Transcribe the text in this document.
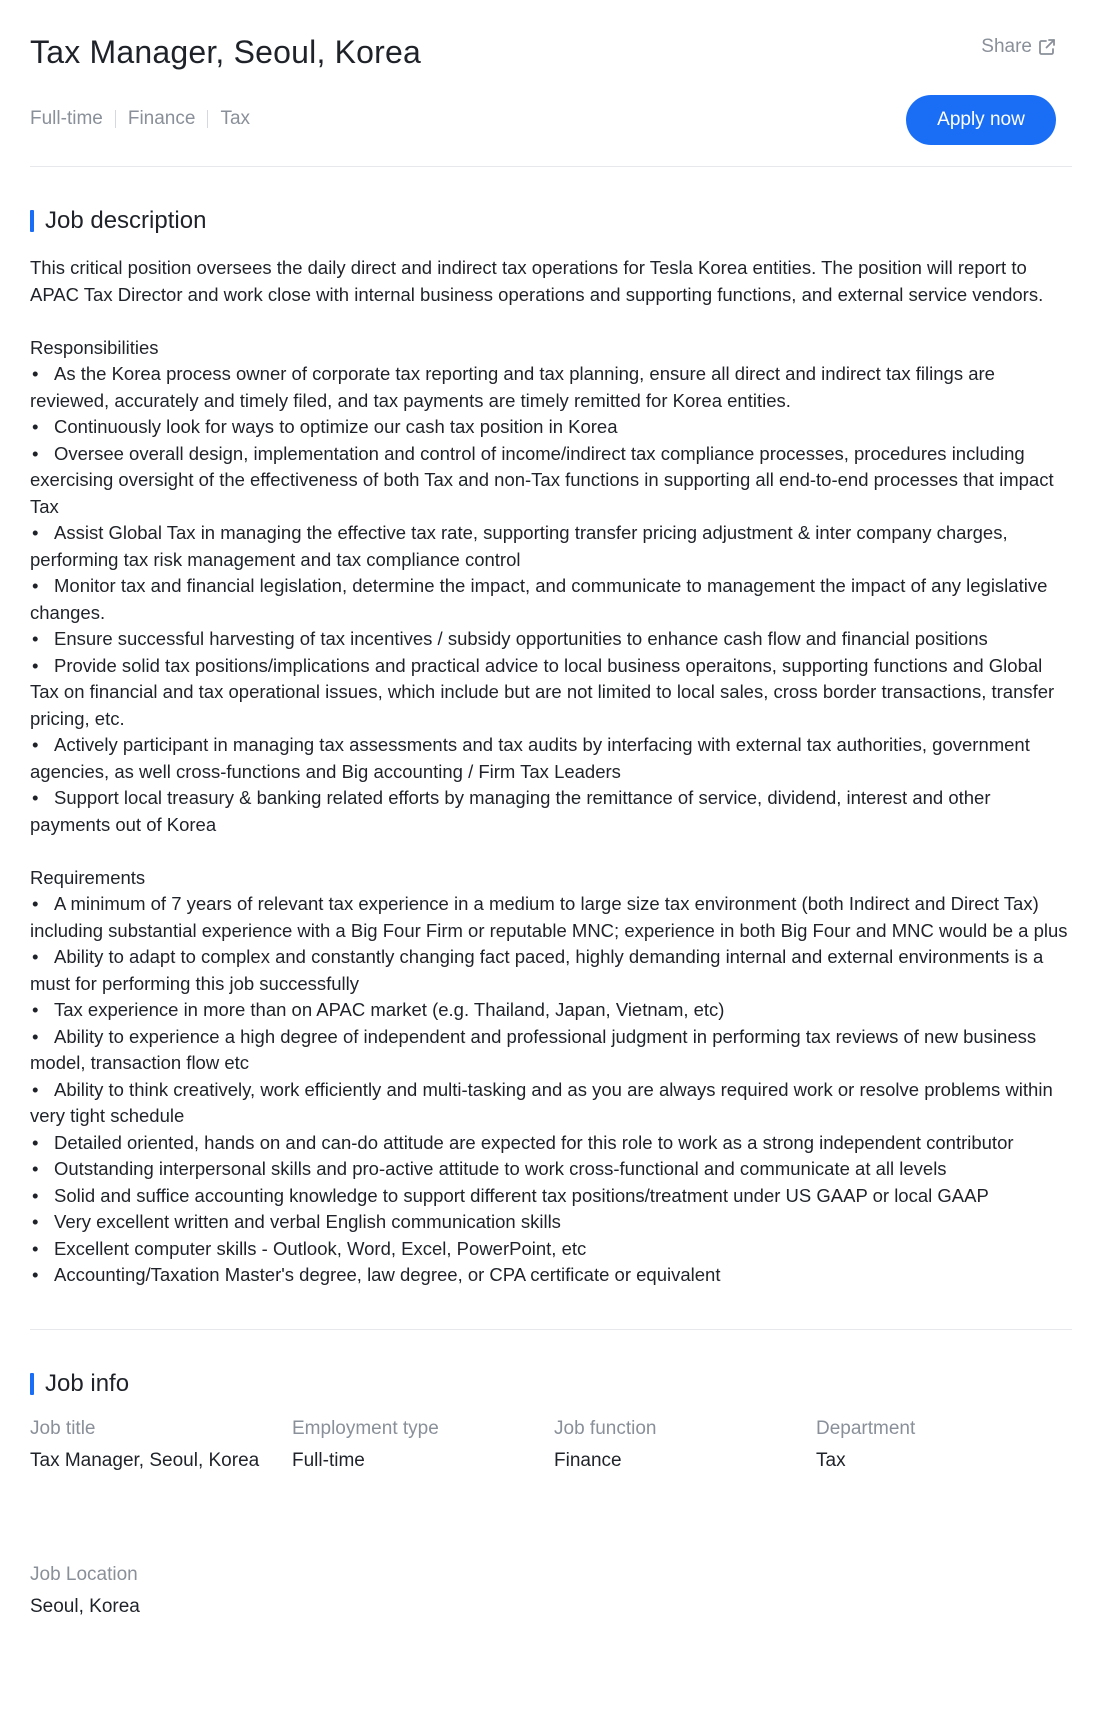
Tax Manager, Seoul, Korea	Share
Full-time Finance Tax	Apply now
Job description

This critical position oversees the daily direct and indirect tax operations for Tesla Korea entities. The position will report to APAC Tax Director and work close with internal business operations and supporting functions, and external service vendors.

Responsibilities

• As the Korea process owner of corporate tax reporting and tax planning, ensure all direct and indirect tax filings are reviewed, accurately and timely filed, and tax payments are timely remitted for Korea entities.

• Continuously look for ways to optimize our cash tax position in Korea

• Oversee overall design, implementation and control of income/indirect tax compliance processes, procedures including exercising oversight of the effectiveness of both Tax and non-Tax functions in supporting all end-to-end processes that impact Tax

• Assist Global Tax in managing the effective tax rate, supporting transfer pricing adjustment & inter company charges, performing tax risk management and tax compliance control

• Monitor tax and financial legislation, determine the impact, and communicate to management the impact of any legislative changes.

• Ensure successful harvesting of tax incentives / subsidy opportunities to enhance cash flow and financial positions

• Provide solid tax positions/implications and practical advice to local business operaitons, supporting functions and Global Tax on financial and tax operational issues, which include but are not limited to local sales, cross border transactions, transfer pricing, etc.

• Actively participant in managing tax assessments and tax audits by interfacing with external tax authorities, government agencies, as well cross-functions and Big accounting / Firm Tax Leaders

• Support local treasury & banking related efforts by managing the remittance of service, dividend, interest and other payments out of Korea

Requirements

• A minimum of 7 years of relevant tax experience in a medium to large size tax environment (both Indirect and Direct Tax) including substantial experience with a Big Four Firm or reputable MNC; experience in both Big Four and MNC would be a plus

• Ability to adapt to complex and constantly changing fact paced, highly demanding internal and external environments is a must for performing this job successfully

• Tax experience in more than on APAC market (e.g. Thailand, Japan, Vietnam, etc)

• Ability to experience a high degree of independent and professional judgment in performing tax reviews of new business model, transaction flow etc

• Ability to think creatively, work efficiently and multi-tasking and as you are always required work or resolve problems within very tight schedule

• Detailed oriented, hands on and can-do attitude are expected for this role to work as a strong independent contributor

• Outstanding interpersonal skills and pro-active attitude to work cross-functional and communicate at all levels

• Solid and suffice accounting knowledge to support different tax positions/treatment under US GAAP or local GAAP

• Very excellent written and verbal English communication skills

• Excellent computer skills - Outlook, Word, Excel, PowerPoint, etc

• Accounting/Taxation Master's degree, law degree, or CPA certificate or equivalent

Job info
Job title
Tax Manager, Seoul, Korea
Employment type
Full-time
Job function
Finance
Department
Tax
Job Location
Seoul, Korea
